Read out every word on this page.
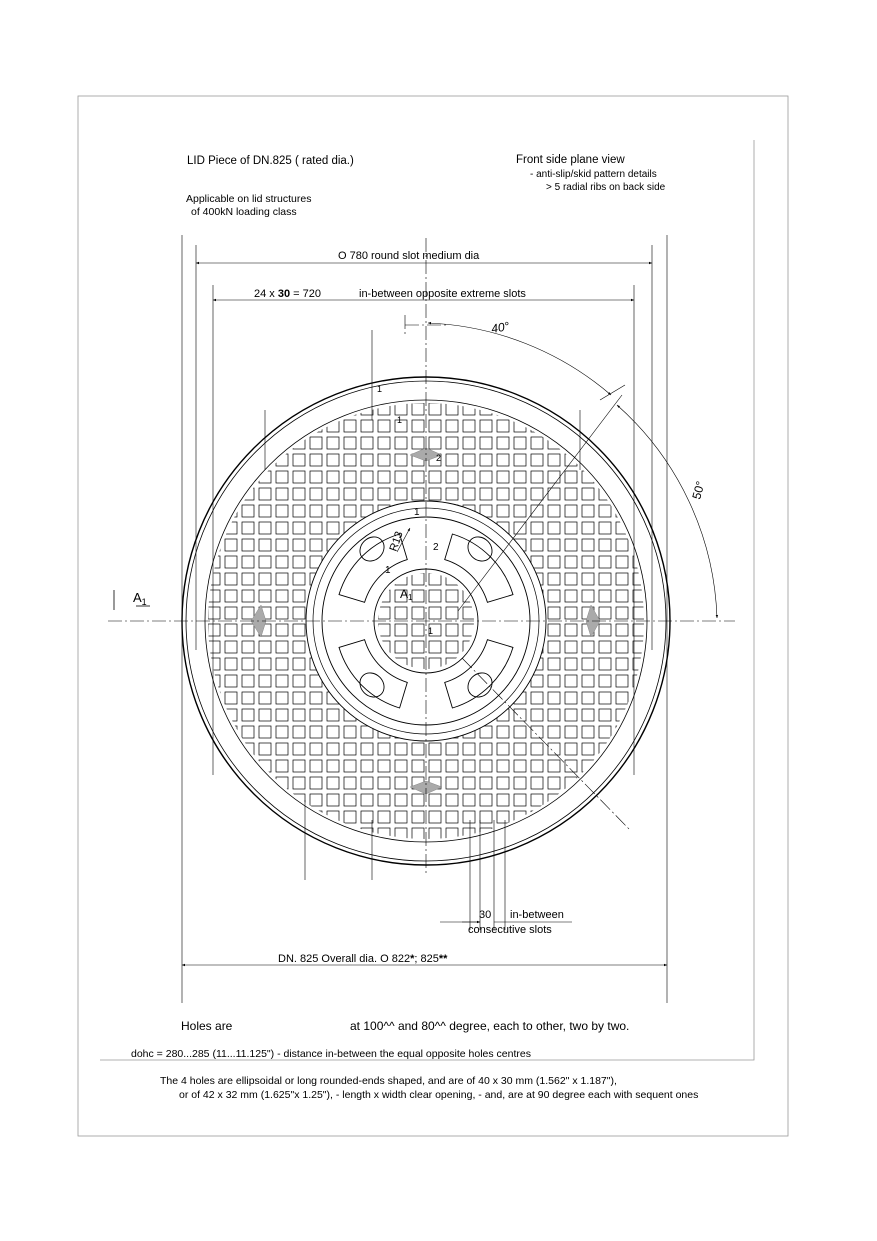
LID Piece of DN.825 ( rated dia.)
Applicable on lid structures
of 400kN loading class
Front side plane view
- anti-slip/skid pattern details
> 5 radial ribs on back side
O 780 round slot medium dia
24 x 30 = 720	in-between opposite extreme slots
40°
50°
R13
$A_1$
A1
1
1
2
1
2
1
1
30 in-between
consecutive slots
DN. 825 Overall dia. O 822*; 825**
Holes are	at 100^^ and 80^^ degree, each to other, two by two.
dohc = 280...285 (11...11.125") - distance in-between the equal opposite holes centres
The 4 holes are ellipsoidal or long rounded-ends shaped, and are of 40 x 30 mm (1.562" x 1.187"),
or of 42 x 32 mm (1.625"x 1.25"), - length x width clear opening, - and, are at 90 degree each with sequent ones
